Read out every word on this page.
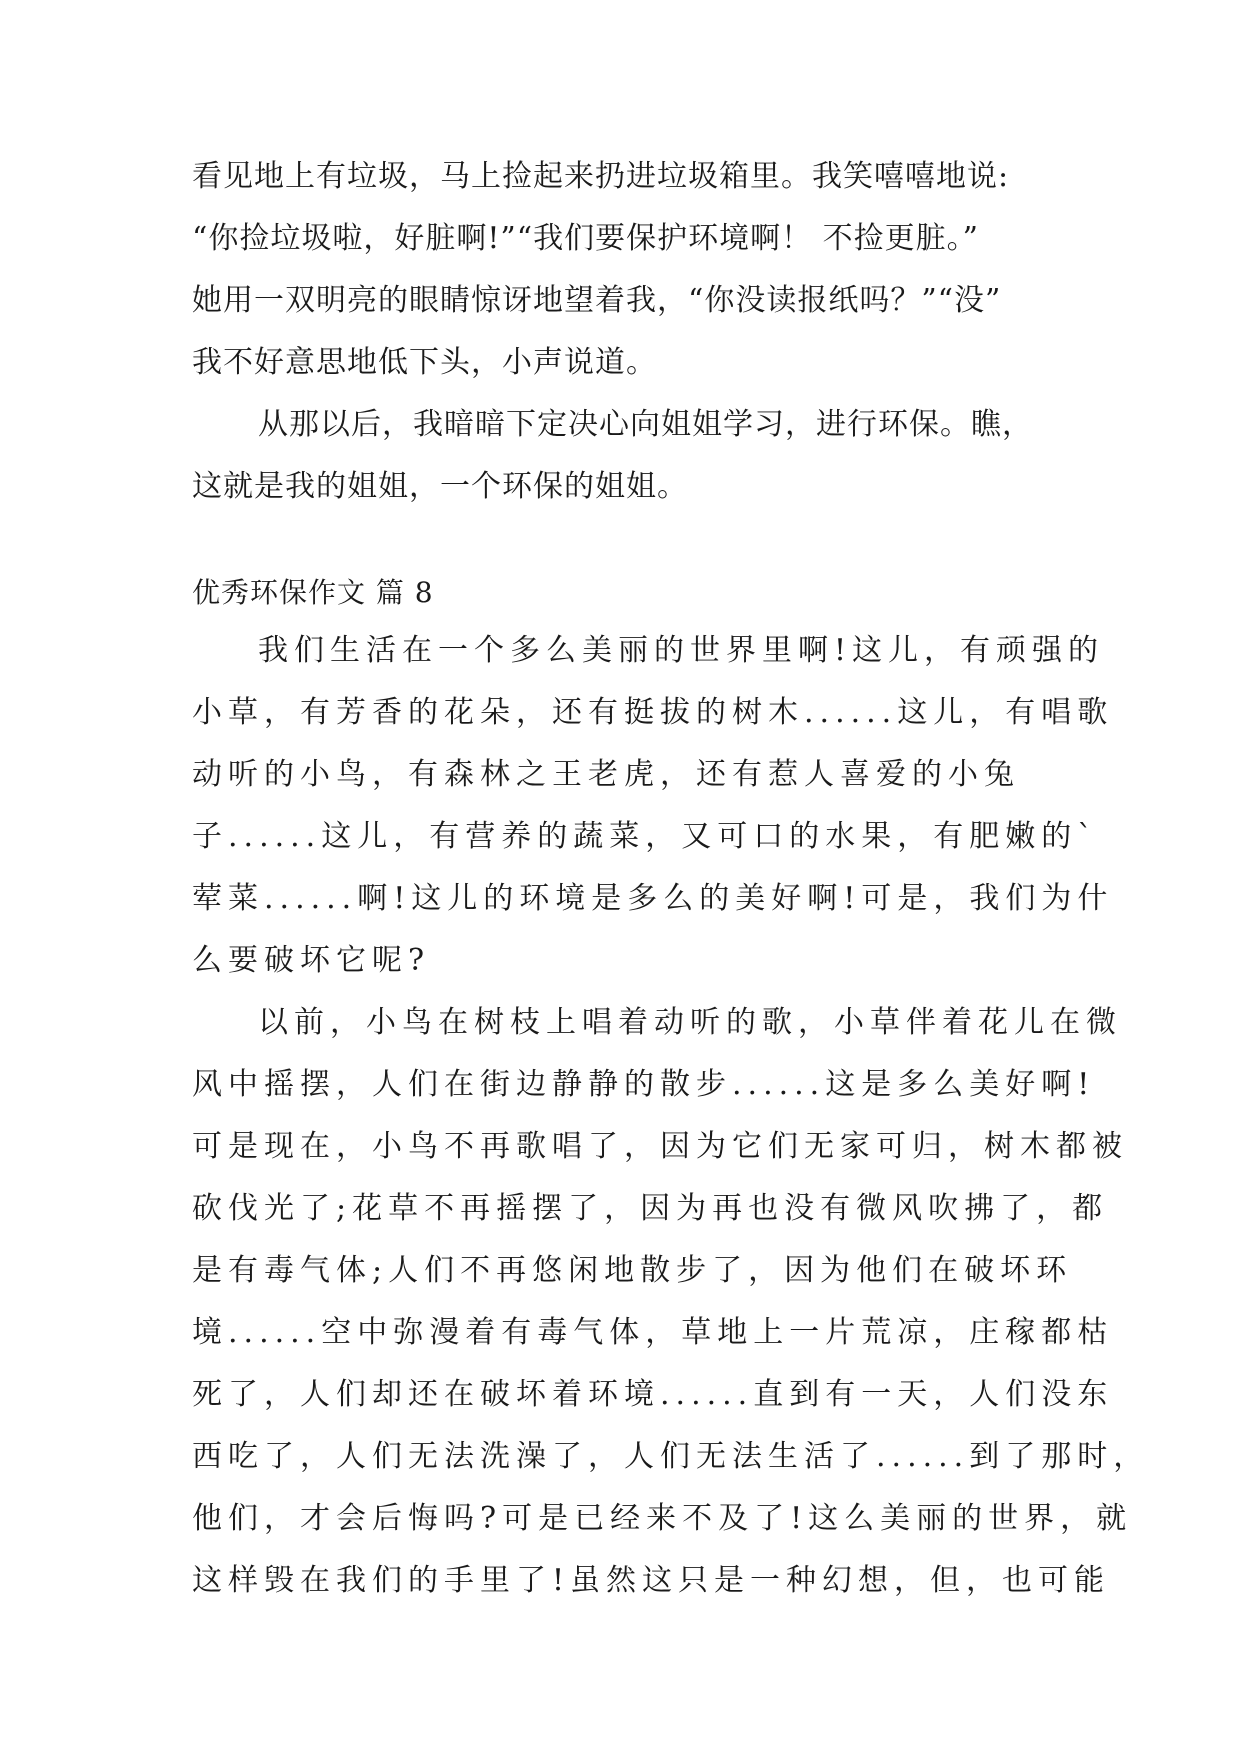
看见地上有垃圾，马上捡起来扔进垃圾箱里。我笑嘻嘻地说:
“你捡垃圾啦，好脏啊!”“我们要保护环境啊！ 不捡更脏。”
她用一双明亮的眼睛惊讶地望着我，“你没读报纸吗？”“没”
我不好意思地低下头，小声说道。
从那以后，我暗暗下定决心向姐姐学习，进行环保。瞧，
这就是我的姐姐，一个环保的姐姐。
优秀环保作文 篇 8
我们生活在一个多么美丽的世界里啊!这儿，有顽强的
小草，有芳香的花朵，还有挺拔的树木......这儿，有唱歌
动听的小鸟，有森林之王老虎，还有惹人喜爱的小兔
子......这儿，有营养的蔬菜，又可口的水果，有肥嫩的`
荤菜......啊!这儿的环境是多么的美好啊!可是，我们为什
么要破坏它呢?
以前，小鸟在树枝上唱着动听的歌，小草伴着花儿在微
风中摇摆，人们在街边静静的散步......这是多么美好啊!
可是现在，小鸟不再歌唱了，因为它们无家可归，树木都被
砍伐光了;花草不再摇摆了，因为再也没有微风吹拂了，都
是有毒气体;人们不再悠闲地散步了，因为他们在破坏环
境......空中弥漫着有毒气体，草地上一片荒凉，庄稼都枯
死了，人们却还在破坏着环境......直到有一天，人们没东
西吃了，人们无法洗澡了，人们无法生活了......到了那时，
他们，才会后悔吗?可是已经来不及了!这么美丽的世界，就
这样毁在我们的手里了!虽然这只是一种幻想，但，也可能
